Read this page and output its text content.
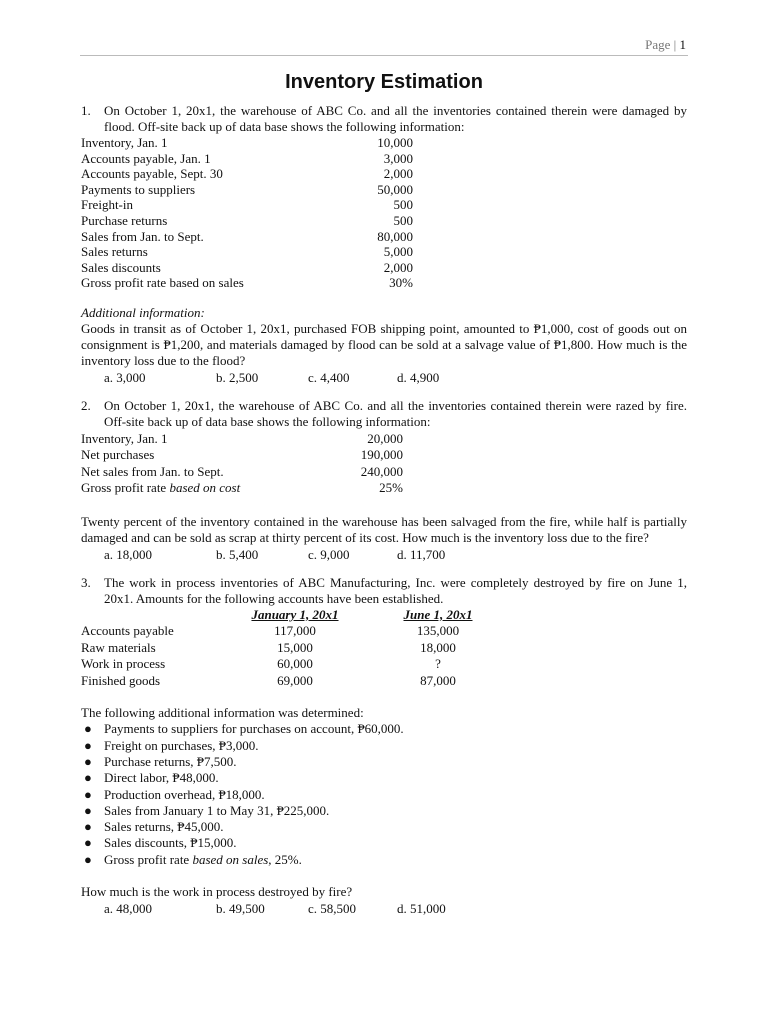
Page | 1
Inventory Estimation
1.	On October 1, 20x1, the warehouse of ABC Co. and all the inventories contained therein were damaged by flood. Off-site back up of data base shows the following information:
Inventory, Jan. 1	10,000
Accounts payable, Jan. 1	3,000
Accounts payable, Sept. 30	2,000
Payments to suppliers	50,000
Freight-in	500
Purchase returns	500
Sales from Jan. to Sept.	80,000
Sales returns	5,000
Sales discounts	2,000
Gross profit rate based on sales	30%
Additional information:
Goods in transit as of October 1, 20x1, purchased FOB shipping point, amounted to ₱1,000, cost of goods out on consignment is ₱1,200, and materials damaged by flood can be sold at a salvage value of ₱1,800. How much is the inventory loss due to the flood?
a. 3,000	b. 2,500	c. 4,400	d. 4,900
2.	On October 1, 20x1, the warehouse of ABC Co. and all the inventories contained therein were razed by fire. Off-site back up of data base shows the following information:
Inventory, Jan. 1	20,000
Net purchases	190,000
Net sales from Jan. to Sept.	240,000
Gross profit rate based on cost	25%
Twenty percent of the inventory contained in the warehouse has been salvaged from the fire, while half is partially damaged and can be sold as scrap at thirty percent of its cost. How much is the inventory loss due to the fire?
a. 18,000	b. 5,400	c. 9,000	d. 11,700
3.	The work in process inventories of ABC Manufacturing, Inc. were completely destroyed by fire on June 1, 20x1. Amounts for the following accounts have been established.
	January 1, 20x1	June 1, 20x1
Accounts payable	117,000	135,000
Raw materials	15,000	18,000
Work in process	60,000	?
Finished goods	69,000	87,000
The following additional information was determined:
● Payments to suppliers for purchases on account, ₱60,000.
● Freight on purchases, ₱3,000.
● Purchase returns, ₱7,500.
● Direct labor, ₱48,000.
● Production overhead, ₱18,000.
● Sales from January 1 to May 31, ₱225,000.
● Sales returns, ₱45,000.
● Sales discounts, ₱15,000.
● Gross profit rate based on sales, 25%.
How much is the work in process destroyed by fire?
a. 48,000	b. 49,500	c. 58,500	d. 51,000
